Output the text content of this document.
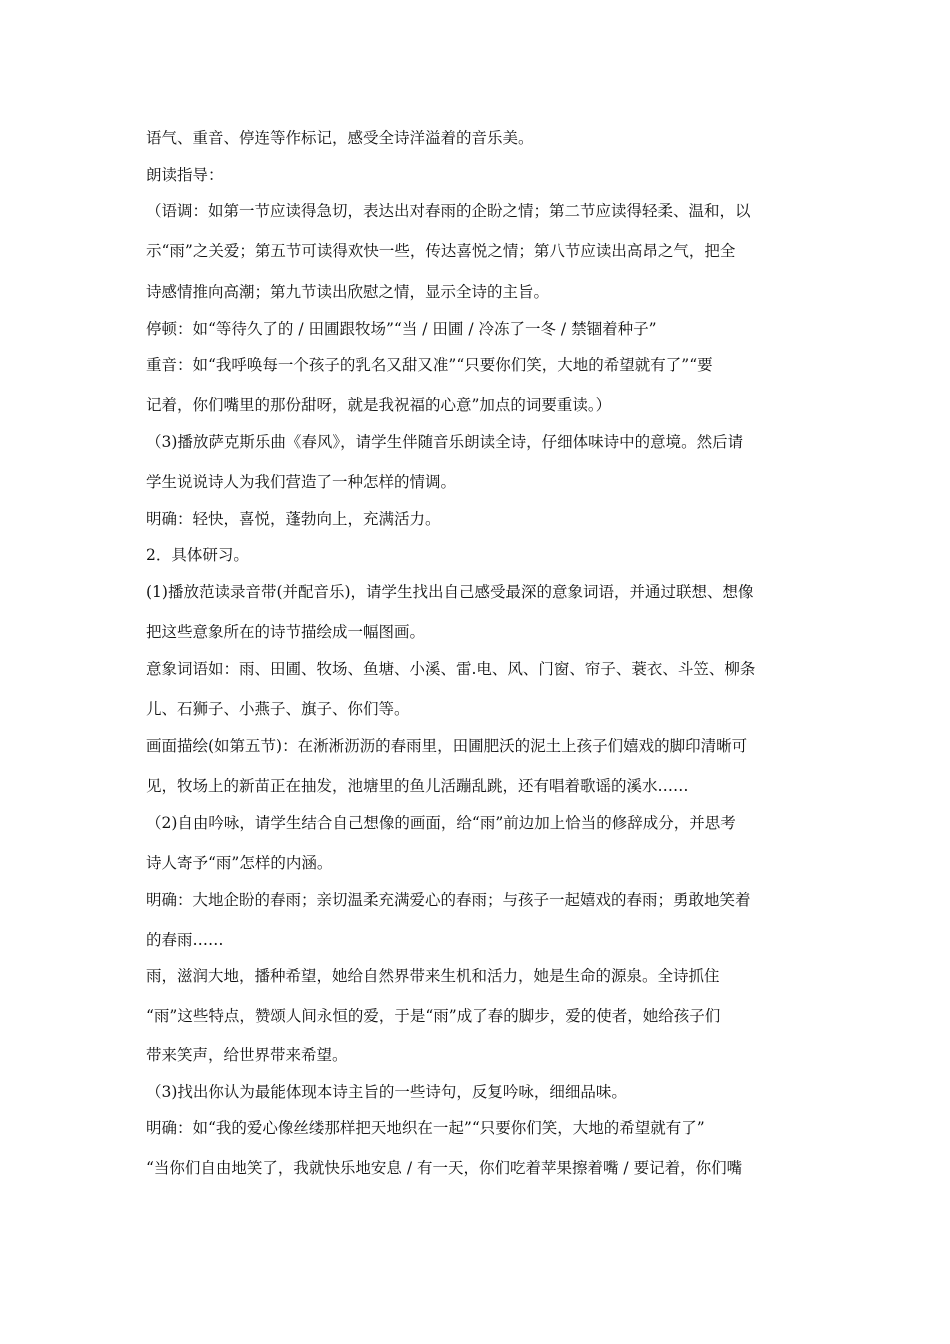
语气、重音、停连等作标记，感受全诗洋溢着的音乐美。
朗读指导：
（语调：如第一节应读得急切，表达出对春雨的企盼之情；第二节应读得轻柔、温和，以
示“雨”之关爱；第五节可读得欢快一些，传达喜悦之情；第八节应读出高昂之气，把全
诗感情推向高潮；第九节读出欣慰之情，显示全诗的主旨。
停顿：如“等待久了的 / 田圃跟牧场”“当 / 田圃 / 冷冻了一冬 / 禁锢着种子”
重音：如“我呼唤每一个孩子的乳名又甜又准”“只要你们笑，大地的希望就有了”“要
记着，你们嘴里的那份甜呀，就是我祝福的心意”加点的词要重读。）
（3)播放萨克斯乐曲《春风》，请学生伴随音乐朗读全诗，仔细体味诗中的意境。然后请
学生说说诗人为我们营造了一种怎样的情调。
明确：轻快，喜悦，蓬勃向上，充满活力。
2．具体研习。
(1)播放范读录音带(并配音乐)，请学生找出自己感受最深的意象词语，并通过联想、想像
把这些意象所在的诗节描绘成一幅图画。
意象词语如：雨、田圃、牧场、鱼塘、小溪、雷.电、风、门窗、帘子、蓑衣、斗笠、柳条
儿、石狮子、小燕子、旗子、你们等。
画面描绘(如第五节)：在淅淅沥沥的春雨里，田圃肥沃的泥土上孩子们嬉戏的脚印清晰可
见，牧场上的新苗正在抽发，池塘里的鱼儿活蹦乱跳，还有唱着歌谣的溪水……
（2)自由吟咏，请学生结合自己想像的画面，给“雨”前边加上恰当的修辞成分，并思考
诗人寄予“雨”怎样的内涵。
明确：大地企盼的春雨；亲切温柔充满爱心的春雨；与孩子一起嬉戏的春雨；勇敢地笑着
的春雨……
雨，滋润大地，播种希望，她给自然界带来生机和活力，她是生命的源泉。全诗抓住
“雨”这些特点，赞颂人间永恒的爱，于是“雨”成了春的脚步，爱的使者，她给孩子们
带来笑声，给世界带来希望。
（3)找出你认为最能体现本诗主旨的一些诗句，反复吟咏，细细品味。
明确：如“我的爱心像丝缕那样把天地织在一起”“只要你们笑，大地的希望就有了”
“当你们自由地笑了，我就快乐地安息 / 有一天，你们吃着苹果擦着嘴 / 要记着，你们嘴
